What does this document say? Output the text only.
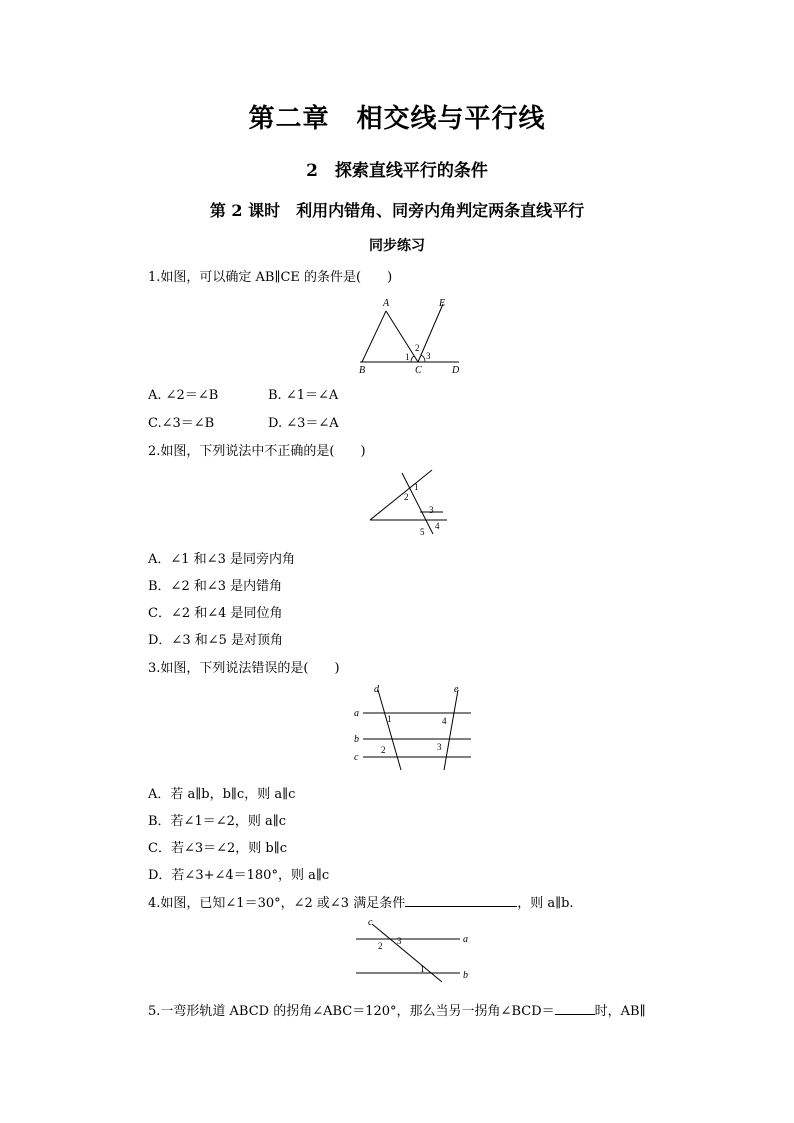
第二章　相交线与平行线
2　探索直线平行的条件
第 2 课时　利用内错角、同旁内角判定两条直线平行
同步练习
1.如图，可以确定 AB∥CE 的条件是(　　)
A	E
B	C	D
1
2
3
A. ∠2＝∠B	B. ∠1＝∠A
C.∠3＝∠B	D. ∠3＝∠A
2.如图，下列说法中不正确的是(　　)
1
2
3
4
5
A．∠1 和∠3 是同旁内角
B．∠2 和∠3 是内错角
C．∠2 和∠4 是同位角
D．∠3 和∠5 是对顶角
3.如图，下列说法错误的是(　　)
d	e
a
b
c
1
2	3
4
A．若 a∥b，b∥c，则 a∥c
B．若∠1＝∠2，则 a∥c
C．若∠3＝∠2，则 b∥c
D．若∠3+∠4＝180°，则 a∥c
4.如图，已知∠1＝30°，∠2 或∠3 满足条件	，则 a∥b.
c
a
b
1
2 3
5.一弯形轨道 ABCD 的拐角∠ABC＝120°，那么当另一拐角∠BCD＝	时，AB∥
